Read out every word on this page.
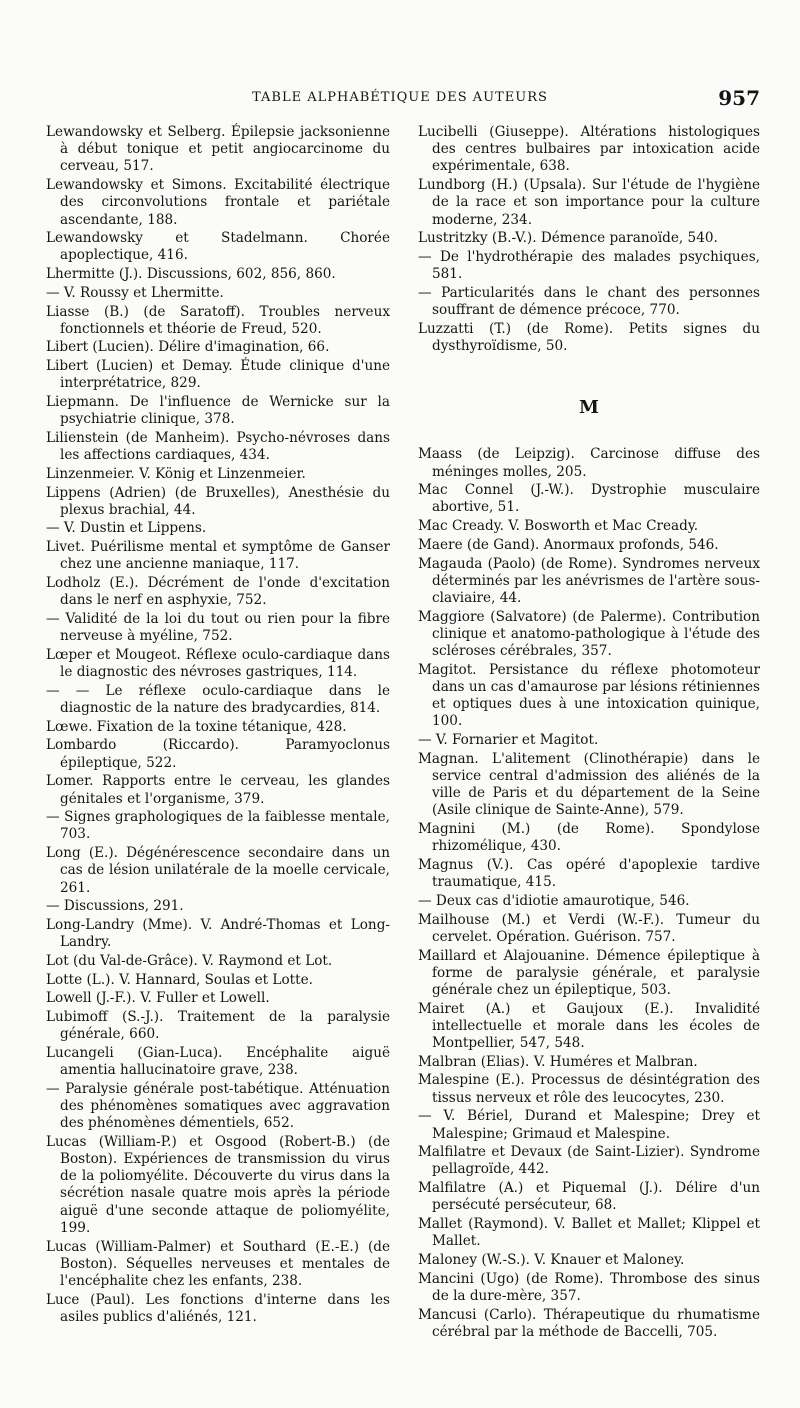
TABLE ALPHABÉTIQUE DES AUTEURS	957

Lewandowsky et Selberg. Épilepsie jacksonienne à début tonique et petit angiocarcinome du cerveau, 517.

Lewandowsky et Simons. Excitabilité électrique des circonvolutions frontale et pariétale ascendante, 188.

Lewandowsky et Stadelmann. Chorée apoplectique, 416.

Lhermitte (J.). Discussions, 602, 856, 860.

— V. Roussy et Lhermitte.

Liasse (B.) (de Saratoff). Troubles nerveux fonctionnels et théorie de Freud, 520.

Libert (Lucien). Délire d'imagination, 66.

Libert (Lucien) et Demay. Étude clinique d'une interprétatrice, 829.

Liepmann. De l'influence de Wernicke sur la psychiatrie clinique, 378.

Lilienstein (de Manheim). Psycho-névroses dans les affections cardiaques, 434.

Linzenmeier. V. König et Linzenmeier.

Lippens (Adrien) (de Bruxelles), Anesthésie du plexus brachial, 44.

— V. Dustin et Lippens.

Livet. Puérilisme mental et symptôme de Ganser chez une ancienne maniaque, 117.

Lodholz (E.). Décrément de l'onde d'excitation dans le nerf en asphyxie, 752.

— Validité de la loi du tout ou rien pour la fibre nerveuse à myéline, 752.

Lœper et Mougeot. Réflexe oculo-cardiaque dans le diagnostic des névroses gastriques, 114.

— — Le réflexe oculo-cardiaque dans le diagnostic de la nature des bradycardies, 814.

Lœwe. Fixation de la toxine tétanique, 428.

Lombardo (Riccardo). Paramyoclonus épileptique, 522.

Lomer. Rapports entre le cerveau, les glandes génitales et l'organisme, 379.

— Signes graphologiques de la faiblesse mentale, 703.

Long (E.). Dégénérescence secondaire dans un cas de lésion unilatérale de la moelle cervicale, 261.

— Discussions, 291.

Long-Landry (Mme). V. André-Thomas et Long-Landry.

Lot (du Val-de-Grâce). V. Raymond et Lot.

Lotte (L.). V. Hannard, Soulas et Lotte.

Lowell (J.-F.). V. Fuller et Lowell.

Lubimoff (S.-J.). Traitement de la paralysie générale, 660.

Lucangeli (Gian-Luca). Encéphalite aiguë amentia hallucinatoire grave, 238.

— Paralysie générale post-tabétique. Atténuation des phénomènes somatiques avec aggravation des phénomènes démentiels, 652.

Lucas (William-P.) et Osgood (Robert-B.) (de Boston). Expériences de transmission du virus de la poliomyélite. Découverte du virus dans la sécrétion nasale quatre mois après la période aiguë d'une seconde attaque de poliomyélite, 199.

Lucas (William-Palmer) et Southard (E.-E.) (de Boston). Séquelles nerveuses et mentales de l'encéphalite chez les enfants, 238.

Luce (Paul). Les fonctions d'interne dans les asiles publics d'aliénés, 121.

Lucibelli (Giuseppe). Altérations histologiques des centres bulbaires par intoxication acide expérimentale, 638.

Lundborg (H.) (Upsala). Sur l'étude de l'hygiène de la race et son importance pour la culture moderne, 234.

Lustritzky (B.-V.). Démence paranoïde, 540.

— De l'hydrothérapie des malades psychiques, 581.

— Particularités dans le chant des personnes souffrant de démence précoce, 770.

Luzzatti (T.) (de Rome). Petits signes du dysthyroïdisme, 50.

M

Maass (de Leipzig). Carcinose diffuse des méninges molles, 205.

Mac Connel (J.-W.). Dystrophie musculaire abortive, 51.

Mac Cready. V. Bosworth et Mac Cready.

Maere (de Gand). Anormaux profonds, 546.

Magauda (Paolo) (de Rome). Syndromes nerveux déterminés par les anévrismes de l'artère sous-claviaire, 44.

Maggiore (Salvatore) (de Palerme). Contribution clinique et anatomo-pathologique à l'étude des scléroses cérébrales, 357.

Magitot. Persistance du réflexe photomoteur dans un cas d'amaurose par lésions rétiniennes et optiques dues à une intoxication quinique, 100.

— V. Fornarier et Magitot.

Magnan. L'alitement (Clinothérapie) dans le service central d'admission des aliénés de la ville de Paris et du département de la Seine (Asile clinique de Sainte-Anne), 579.

Magnini (M.) (de Rome). Spondylose rhizomélique, 430.

Magnus (V.). Cas opéré d'apoplexie tardive traumatique, 415.

— Deux cas d'idiotie amaurotique, 546.

Mailhouse (M.) et Verdi (W.-F.). Tumeur du cervelet. Opération. Guérison. 757.

Maillard et Alajouanine. Démence épileptique à forme de paralysie générale, et paralysie générale chez un épileptique, 503.

Mairet (A.) et Gaujoux (E.). Invalidité intellectuelle et morale dans les écoles de Montpellier, 547, 548.

Malbran (Elias). V. Huméres et Malbran.

Malespine (E.). Processus de désintégration des tissus nerveux et rôle des leucocytes, 230.

— V. Bériel, Durand et Malespine; Drey et Malespine; Grimaud et Malespine.

Malfilatre et Devaux (de Saint-Lizier). Syndrome pellagroïde, 442.

Malfilatre (A.) et Piquemal (J.). Délire d'un persécuté persécuteur, 68.

Mallet (Raymond). V. Ballet et Mallet; Klippel et Mallet.

Maloney (W.-S.). V. Knauer et Maloney.

Mancini (Ugo) (de Rome). Thrombose des sinus de la dure-mère, 357.

Mancusi (Carlo). Thérapeutique du rhumatisme cérébral par la méthode de Baccelli, 705.
